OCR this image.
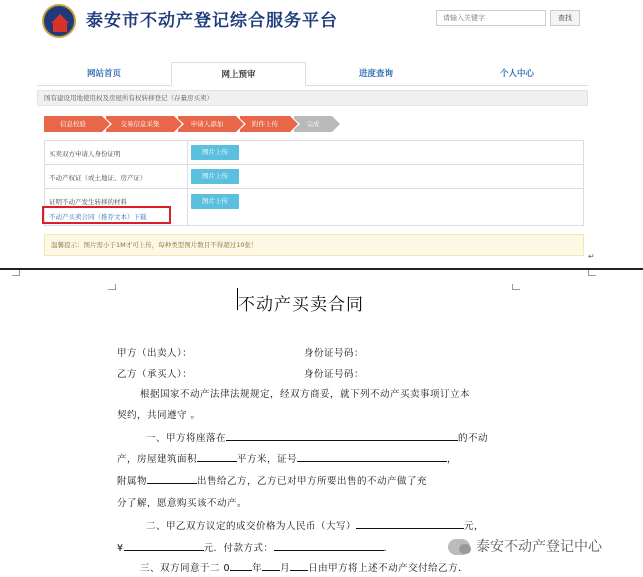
泰安市不动产登记综合服务平台
请输入关键字	查找
网站首页	网上预审	进度查询	个人中心
国有建设用地使用权及房屋所有权转移登记（存量房买卖）
信息校验	交易信息采集	申请人添加	附件上传	完成
买卖双方申请人身份证明	图片上传
不动产权证（或土地证、房产证）	图片上传
证明不动产发生转移的材料	图片上传
不动产买卖合同（推荐文本）下载
温馨提示：图片需小于1M才可上传，每种类型图片数目不得超过10张！
↵
不动产买卖合同
甲方（出卖人）：	身份证号码：
乙方（承买人）：	身份证号码：
根据国家不动产法律法规规定，经双方商妥，就下列不动产买卖事项订立本
契约，共同遵守 。
一、甲方将座落在	的不动
产，房屋建筑面积	平方米，证号	，
附属物	出售给乙方，乙方已对甲方所要出售的不动产做了充
分了解，愿意购买该不动产。
二、甲乙双方议定的成交价格为人民币（大写）	元，
¥	元．付款方式：	．
三、双方同意于二 0 年 月 日由甲方将上述不动产交付给乙方．
泰安不动产登记中心
